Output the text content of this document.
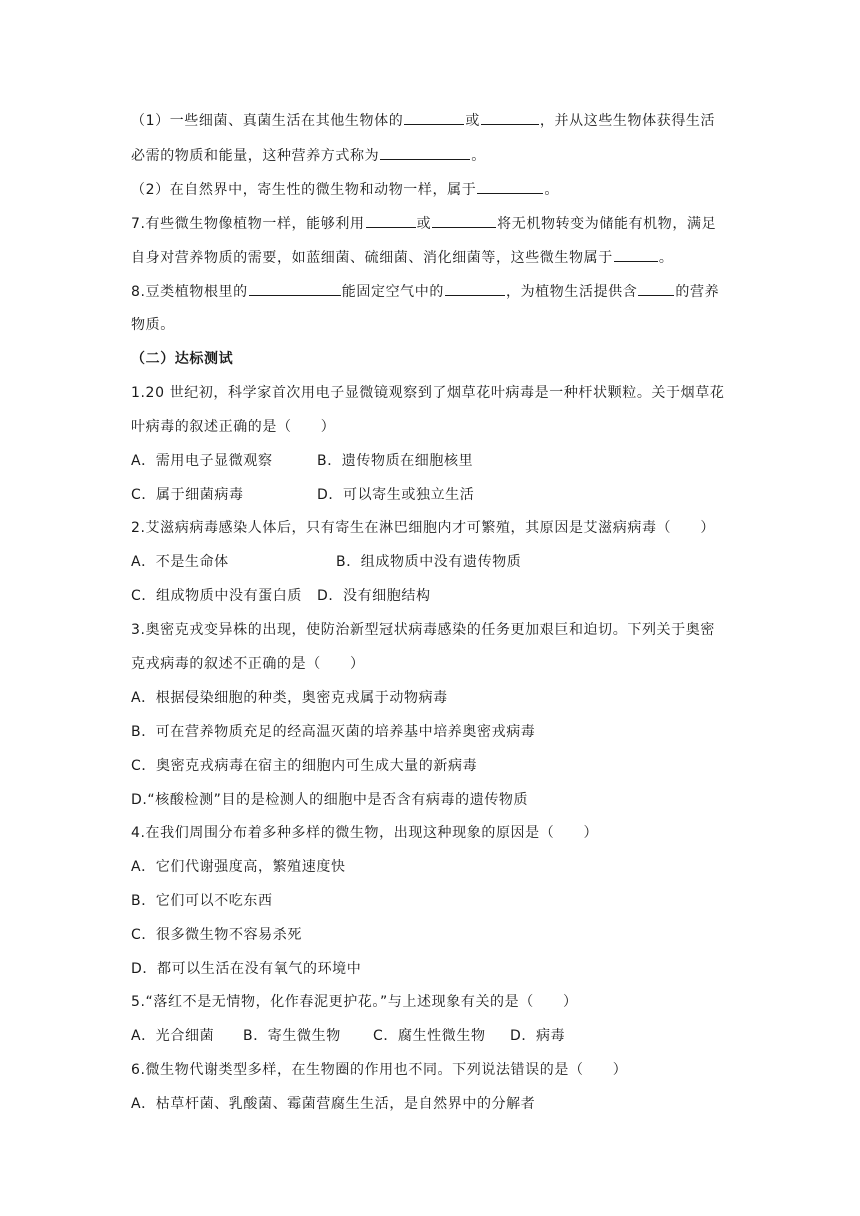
（1）一些细菌、真菌生活在其他生物体的	或	，并从这些生物体获得生活
必需的物质和能量，这种营养方式称为	。
（2）在自然界中，寄生性的微生物和动物一样，属于	。
7.有些微生物像植物一样，能够利用	或	将无机物转变为储能有机物，满足
自身对营养物质的需要，如蓝细菌、硫细菌、消化细菌等，这些微生物属于	。
8.豆类植物根里的	能固定空气中的	，为植物生活提供含	的营养
物质。
（二）达标测试
1.20 世纪初，科学家首次用电子显微镜观察到了烟草花叶病毒是一种杆状颗粒。关于烟草花
叶病毒的叙述正确的是（　　）
A．需用电子显微观察	B．遗传物质在细胞核里
C．属于细菌病毒	D．可以寄生或独立生活
2.艾滋病病毒感染人体后，只有寄生在淋巴细胞内才可繁殖，其原因是艾滋病病毒（　　）
A．不是生命体	B．组成物质中没有遗传物质
C．组成物质中没有蛋白质 D．没有细胞结构
3.奥密克戎变异株的出现，使防治新型冠状病毒感染的任务更加艰巨和迫切。下列关于奥密
克戎病毒的叙述不正确的是（　　）
A．根据侵染细胞的种类，奥密克戎属于动物病毒
B．可在营养物质充足的经高温灭菌的培养基中培养奥密戎病毒
C．奥密克戎病毒在宿主的细胞内可生成大量的新病毒
D.“核酸检测”目的是检测人的细胞中是否含有病毒的遗传物质
4.在我们周围分布着多种多样的微生物，出现这种现象的原因是（　　）
A．它们代谢强度高，繁殖速度快
B．它们可以不吃东西
C．很多微生物不容易杀死
D．都可以生活在没有氧气的环境中
5.“落红不是无情物，化作春泥更护花。”与上述现象有关的是（　　）
A．光合细菌 B．寄生微生物 C．腐生性微生物 D．病毒
6.微生物代谢类型多样，在生物圈的作用也不同。下列说法错误的是（　　）
A．枯草杆菌、乳酸菌、霉菌营腐生生活，是自然界中的分解者
